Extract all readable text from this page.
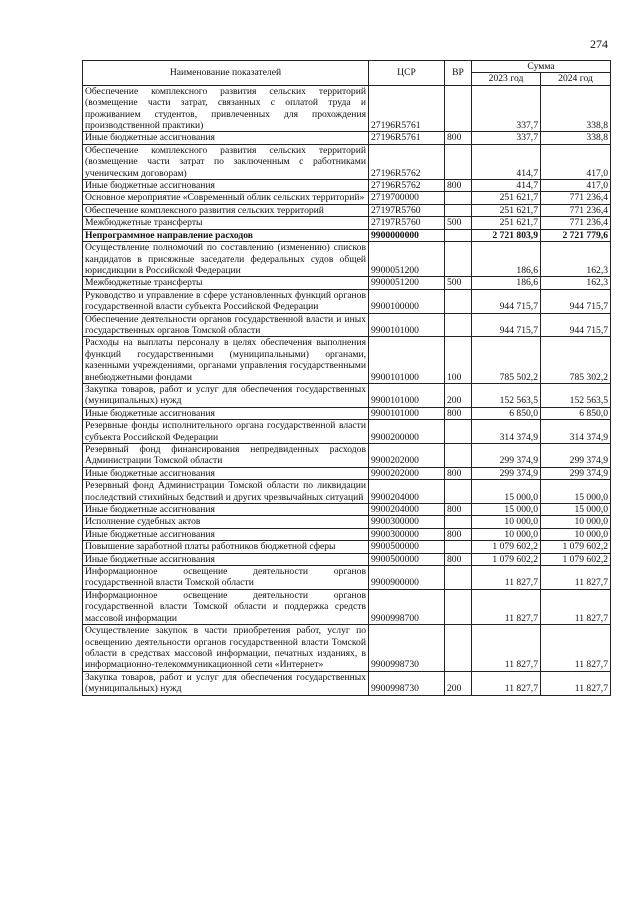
274
Наименование показателей	ЦСР	ВР	Сумма	
			2023 год	2024 год
Обеспечение комплексного развития сельских территорий (возмещение части затрат, связанных с оплатой труда и проживанием студентов, привлеченных для прохождения производственной практики)	27196R5761		337,7	338,8
Иные бюджетные ассигнования	27196R5761	800	337,7	338,8
Обеспечение комплексного развития сельских территорий (возмещение части затрат по заключенным с работниками ученическим договорам)	27196R5762		414,7	417,0
Иные бюджетные ассигнования	27196R5762	800	414,7	417,0
Основное мероприятие «Современный облик сельских территорий»	2719700000		251 621,7	771 236,4
Обеспечение комплексного развития сельских территорий	27197R5760		251 621,7	771 236,4
Межбюджетные трансферты	27197R5760	500	251 621,7	771 236,4
Непрограммное направление расходов	9900000000		2 721 803,9	2 721 779,6
Осуществление полномочий по составлению (изменению) списков кандидатов в присяжные заседатели федеральных судов общей юрисдикции в Российской Федерации	9900051200		186,6	162,3
Межбюджетные трансферты	9900051200	500	186,6	162,3
Руководство и управление в сфере установленных функций органов государственной власти субъекта Российской Федерации	9900100000		944 715,7	944 715,7
Обеспечение деятельности органов государственной власти и иных государственных органов Томской области	9900101000		944 715,7	944 715,7
Расходы на выплаты персоналу в целях обеспечения выполнения функций государственными (муниципальными) органами, казенными учреждениями, органами управления государственными внебюджетными фондами	9900101000	100	785 502,2	785 302,2
Закупка товаров, работ и услуг для обеспечения государственных (муниципальных) нужд	9900101000	200	152 563,5	152 563,5
Иные бюджетные ассигнования	9900101000	800	6 850,0	6 850,0
Резервные фонды исполнительного органа государственной власти субъекта Российской Федерации	9900200000		314 374,9	314 374,9
Резервный фонд финансирования непредвиденных расходов Администрации Томской области	9900202000		299 374,9	299 374,9
Иные бюджетные ассигнования	9900202000	800	299 374,9	299 374,9
Резервный фонд Администрации Томской области по ликвидации последствий стихийных бедствий и других чрезвычайных ситуаций	9900204000		15 000,0	15 000,0
Иные бюджетные ассигнования	9900204000	800	15 000,0	15 000,0
Исполнение судебных актов	9900300000		10 000,0	10 000,0
Иные бюджетные ассигнования	9900300000	800	10 000,0	10 000,0
Повышение заработной платы работников бюджетной сферы	9900500000		1 079 602,2	1 079 602,2
Иные бюджетные ассигнования	9900500000	800	1 079 602,2	1 079 602,2
Информационное освещение деятельности органов государственной власти Томской области	9900900000		11 827,7	11 827,7
Информационное освещение деятельности органов государственной власти Томской области и поддержка средств массовой информации	9900998700		11 827,7	11 827,7
Осуществление закупок в части приобретения работ, услуг по освещению деятельности органов государственной власти Томской области в средствах массовой информации, печатных изданиях, в информационно-телекоммуникационной сети «Интернет»	9900998730		11 827,7	11 827,7
Закупка товаров, работ и услуг для обеспечения государственных (муниципальных) нужд	9900998730	200	11 827,7	11 827,7
